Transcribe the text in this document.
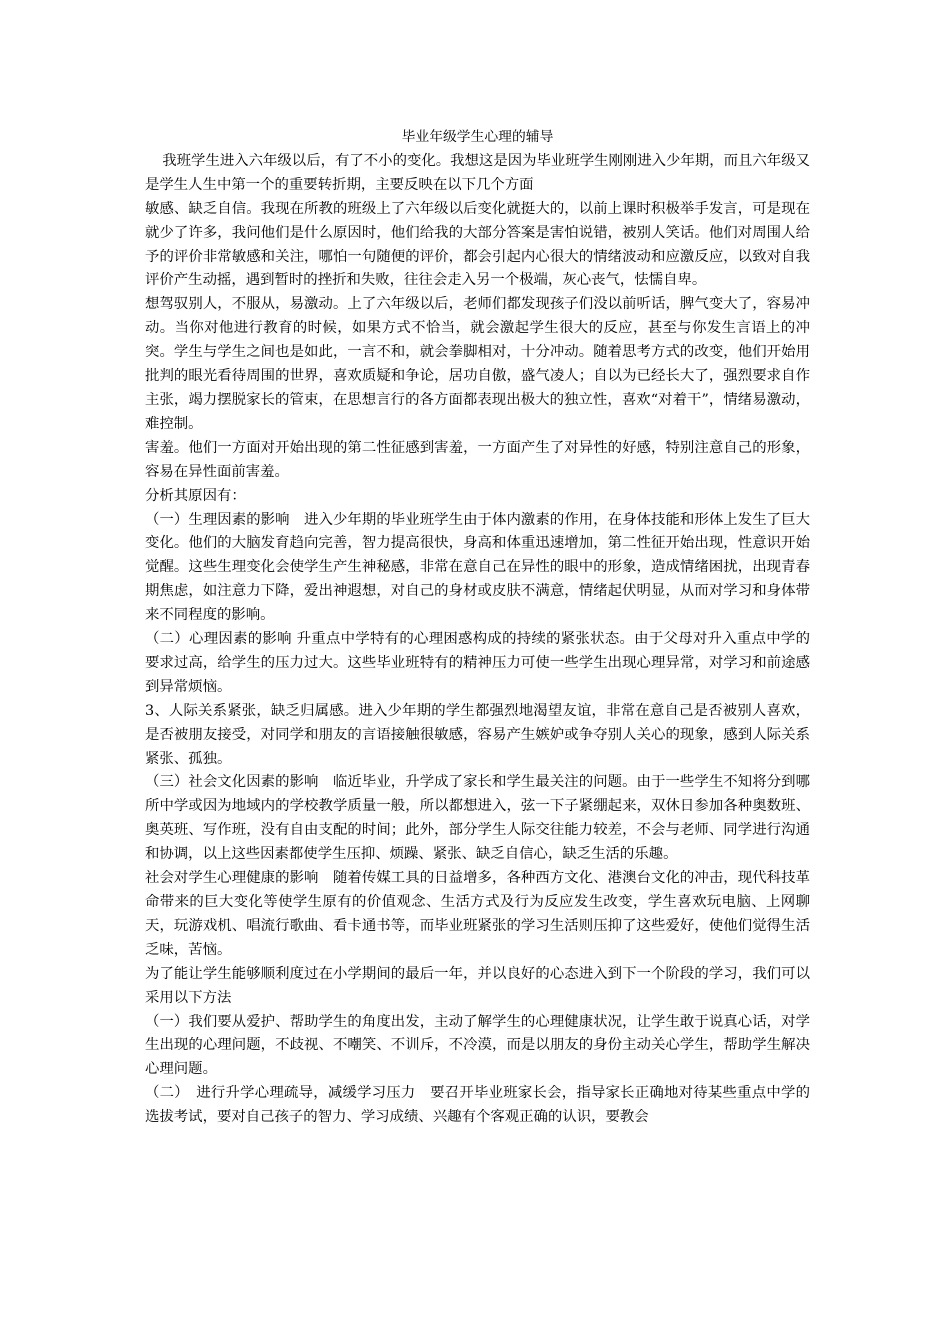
毕业年级学生心理的辅导

我班学生进入六年级以后，有了不小的变化。我想这是因为毕业班学生刚刚进入少年期，而且六年级又是学生人生中第一个的重要转折期，主要反映在以下几个方面

敏感、缺乏自信。我现在所教的班级上了六年级以后变化就挺大的，以前上课时积极举手发言，可是现在就少了许多，我问他们是什么原因时，他们给我的大部分答案是害怕说错，被别人笑话。他们对周围人给予的评价非常敏感和关注，哪怕一句随便的评价，都会引起内心很大的情绪波动和应激反应，以致对自我评价产生动摇，遇到暂时的挫折和失败，往往会走入另一个极端，灰心丧气，怯懦自卑。

想驾驭别人，不服从，易激动。上了六年级以后，老师们都发现孩子们没以前听话，脾气变大了，容易冲动。当你对他进行教育的时候，如果方式不恰当，就会激起学生很大的反应，甚至与你发生言语上的冲突。学生与学生之间也是如此，一言不和，就会拳脚相对，十分冲动。随着思考方式的改变，他们开始用批判的眼光看待周围的世界，喜欢质疑和争论，居功自傲，盛气凌人；自以为已经长大了，强烈要求自作主张，竭力摆脱家长的管束，在思想言行的各方面都表现出极大的独立性，喜欢“对着干”，情绪易激动，难控制。

害羞。他们一方面对开始出现的第二性征感到害羞，一方面产生了对异性的好感，特别注意自己的形象，容易在异性面前害羞。

分析其原因有：

（一）生理因素的影响　进入少年期的毕业班学生由于体内激素的作用，在身体技能和形体上发生了巨大变化。他们的大脑发育趋向完善，智力提高很快，身高和体重迅速增加，第二性征开始出现，性意识开始觉醒。这些生理变化会使学生产生神秘感，非常在意自己在异性的眼中的形象，造成情绪困扰，出现青春期焦虑，如注意力下降，爱出神遐想，对自己的身材或皮肤不满意，情绪起伏明显，从而对学习和身体带来不同程度的影响。

（二）心理因素的影响 升重点中学特有的心理困惑构成的持续的紧张状态。由于父母对升入重点中学的要求过高，给学生的压力过大。这些毕业班特有的精神压力可使一些学生出现心理异常，对学习和前途感到异常烦恼。

3、人际关系紧张，缺乏归属感。进入少年期的学生都强烈地渴望友谊，非常在意自己是否被别人喜欢，是否被朋友接受，对同学和朋友的言语接触很敏感，容易产生嫉妒或争夺别人关心的现象，感到人际关系紧张、孤独。

（三）社会文化因素的影响　临近毕业，升学成了家长和学生最关注的问题。由于一些学生不知将分到哪所中学或因为地域内的学校教学质量一般，所以都想进入，弦一下子紧绷起来，双休日参加各种奥数班、奥英班、写作班，没有自由支配的时间；此外，部分学生人际交往能力较差，不会与老师、同学进行沟通和协调，以上这些因素都使学生压抑、烦躁、紧张、缺乏自信心，缺乏生活的乐趣。

社会对学生心理健康的影响　随着传媒工具的日益增多，各种西方文化、港澳台文化的冲击，现代科技革命带来的巨大变化等使学生原有的价值观念、生活方式及行为反应发生改变，学生喜欢玩电脑、上网聊天，玩游戏机、唱流行歌曲、看卡通书等，而毕业班紧张的学习生活则压抑了这些爱好，使他们觉得生活乏味，苦恼。

为了能让学生能够顺利度过在小学期间的最后一年，并以良好的心态进入到下一个阶段的学习，我们可以采用以下方法

（一）我们要从爱护、帮助学生的角度出发，主动了解学生的心理健康状况，让学生敢于说真心话，对学生出现的心理问题，不歧视、不嘲笑、不训斥，不冷漠，而是以朋友的身份主动关心学生，帮助学生解决心理问题。

（二）　进行升学心理疏导，减缓学习压力　要召开毕业班家长会，指导家长正确地对待某些重点中学的选拔考试，要对自己孩子的智力、学习成绩、兴趣有个客观正确的认识，要教会
